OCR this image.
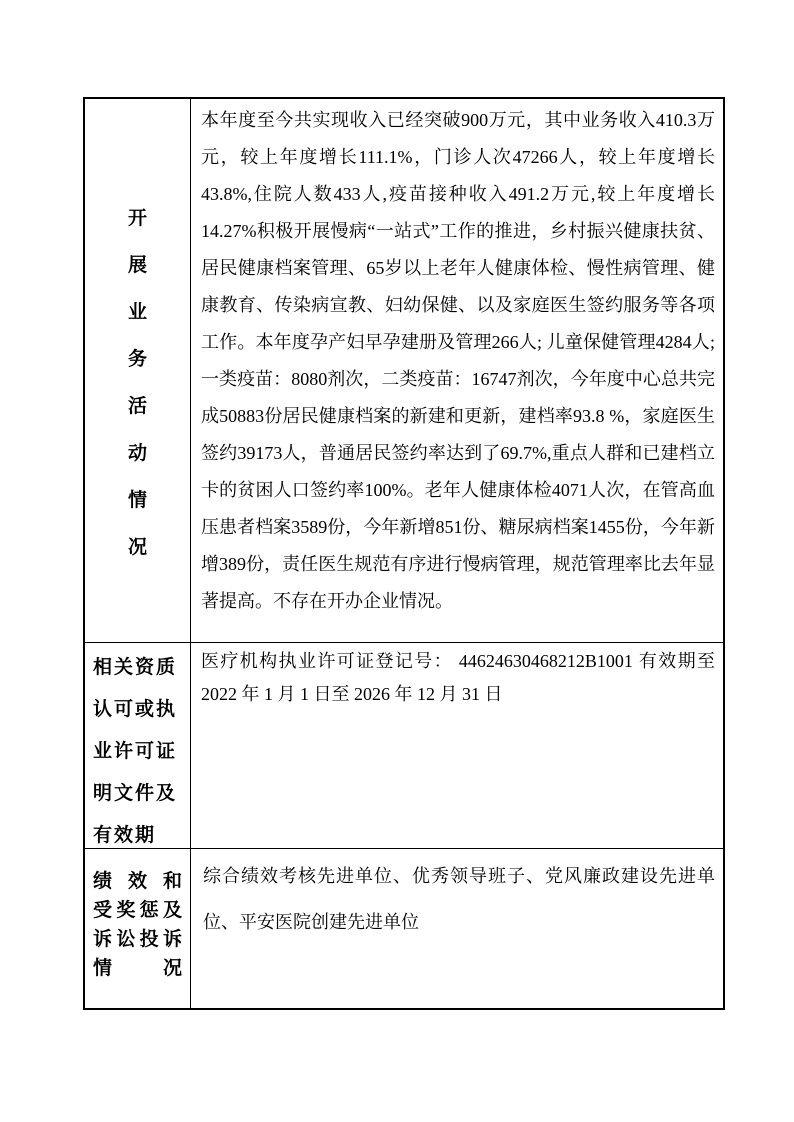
开
展
业
务
活
动
情
况

本年度至今共实现收入已经突破900万元，其中业务收入410.3万元，较上年度增长111.1%，门诊人次47266人，较上年度增长43.8%,住院人数433人,疫苗接种收入491.2万元,较上年度增长14.27%积极开展慢病“一站式”工作的推进，乡村振兴健康扶贫、居民健康档案管理、65岁以上老年人健康体检、慢性病管理、健康教育、传染病宣教、妇幼保健、以及家庭医生签约服务等各项工作。本年度孕产妇早孕建册及管理266人; 儿童保健管理4284人; 一类疫苗：8080剂次，二类疫苗：16747剂次，今年度中心总共完成50883份居民健康档案的新建和更新，建档率93.8 %，家庭医生签约39173人，普通居民签约率达到了69.7%,重点人群和已建档立卡的贫困人口签约率100%。老年人健康体检4071人次，在管高血压患者档案3589份，今年新增851份、糖尿病档案1455份，今年新增389份，责任医生规范有序进行慢病管理，规范管理率比去年显著提高。不存在开办企业情况。

相关资质
认可或执
业许可证
明文件及
有效期

医疗机构执业许可证登记号： 44624630468212B1001 有效期至 2022 年 1 月 1 日至 2026 年 12 月 31 日

绩效和
受奖惩及
诉讼投诉
情况

综合绩效考核先进单位、优秀领导班子、党风廉政建设先进单位、平安医院创建先进单位
